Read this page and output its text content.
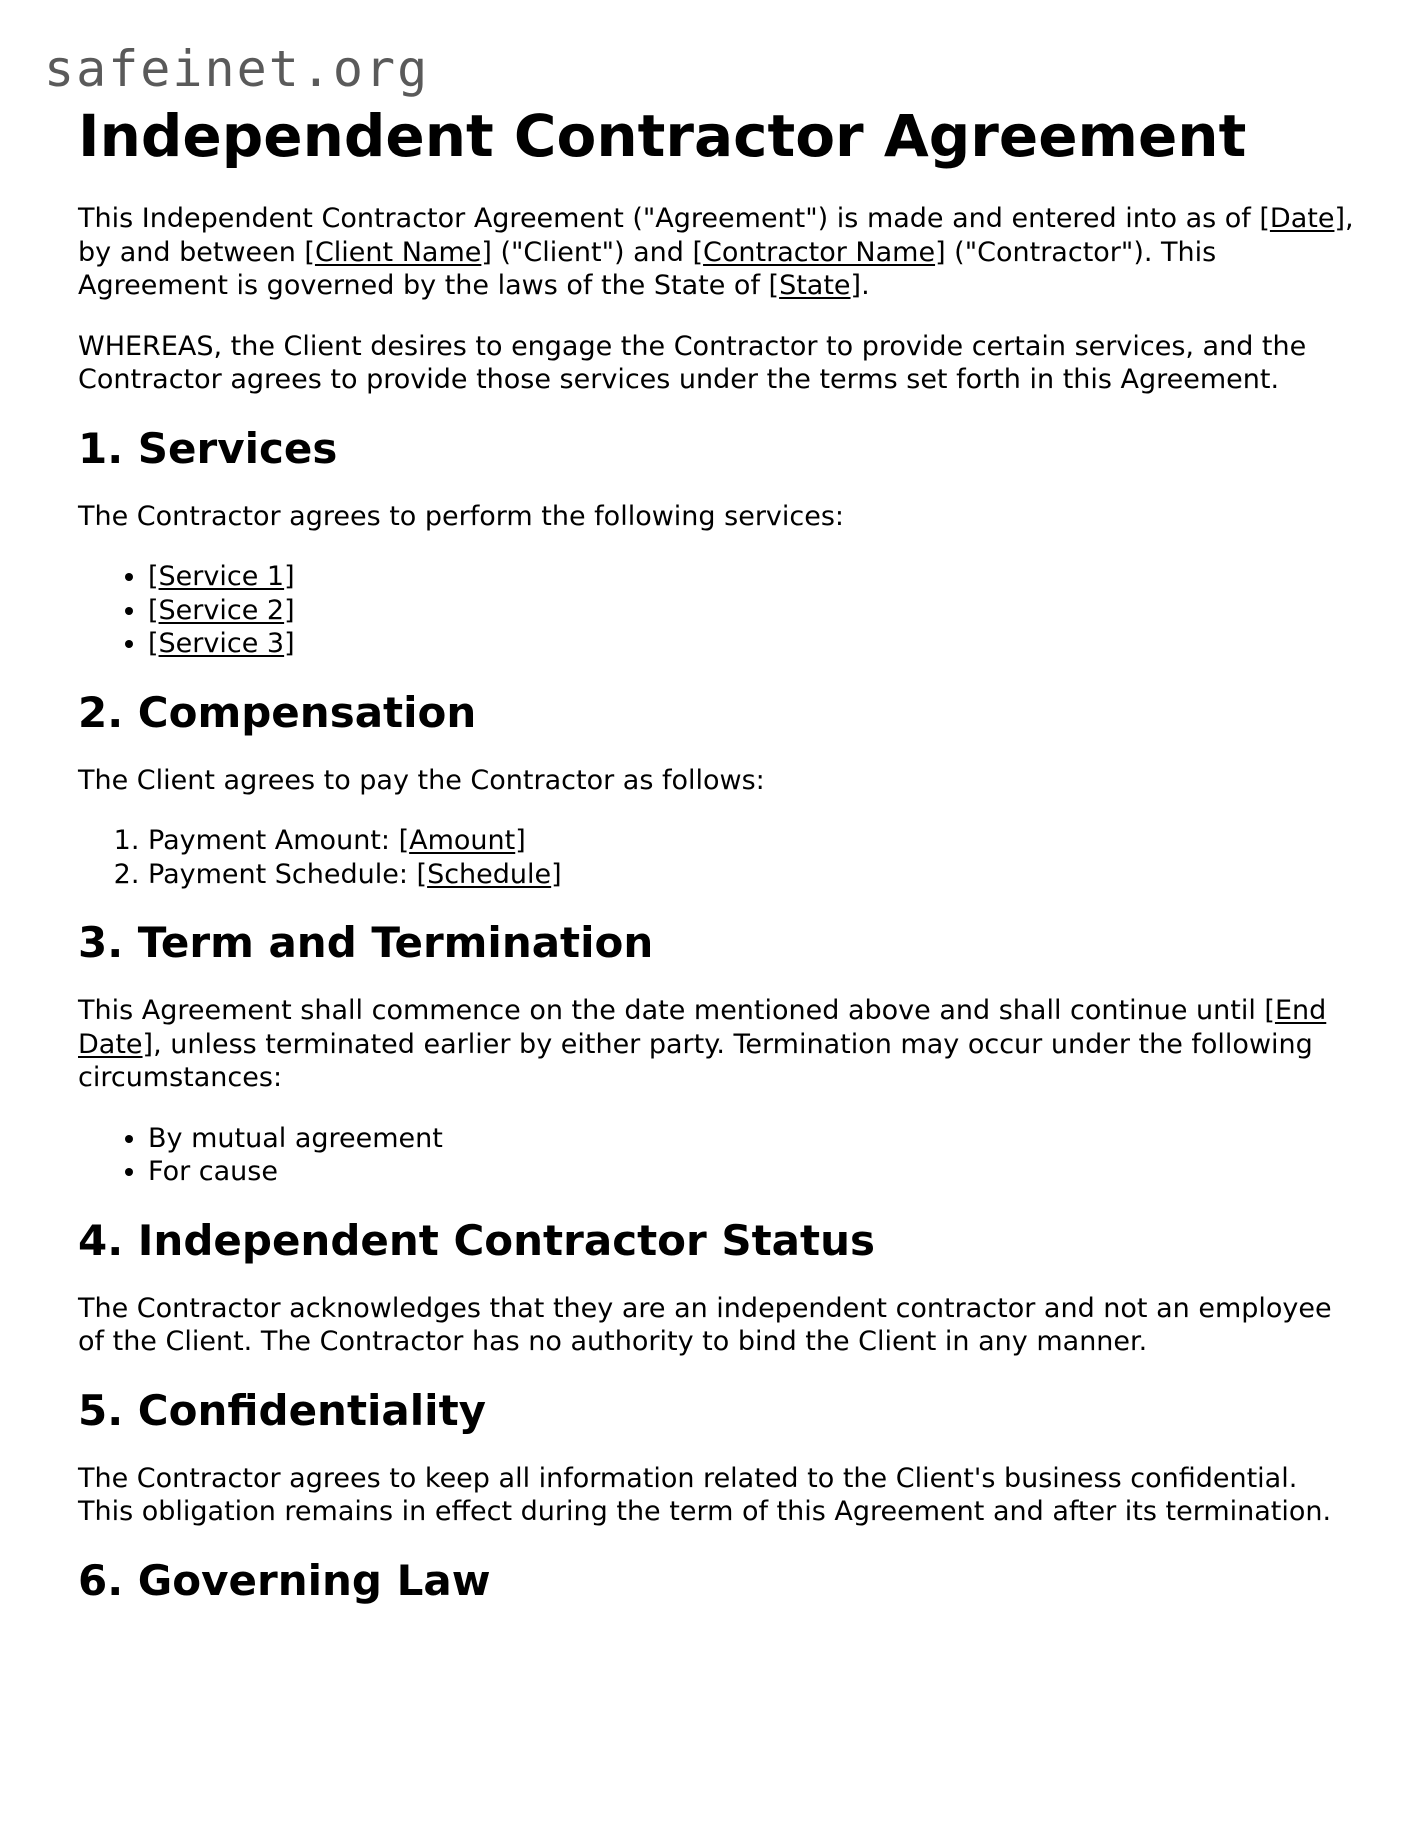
safeinet.org
Independent Contractor Agreement

This Independent Contractor Agreement ("Agreement") is made and entered into as of [Date], by and between [Client Name] ("Client") and [Contractor Name] ("Contractor"). This Agreement is governed by the laws of the State of [State].

WHEREAS, the Client desires to engage the Contractor to provide certain services, and the Contractor agrees to provide those services under the terms set forth in this Agreement.

1. Services

The Contractor agrees to perform the following services:

• [Service 1]
• [Service 2]
• [Service 3]
2. Compensation

The Client agrees to pay the Contractor as follows:

1. Payment Amount: [Amount]
2. Payment Schedule: [Schedule]
3. Term and Termination

This Agreement shall commence on the date mentioned above and shall continue until [End Date], unless terminated earlier by either party. Termination may occur under the following circumstances:

• By mutual agreement
• For cause
4. Independent Contractor Status

The Contractor acknowledges that they are an independent contractor and not an employee of the Client. The Contractor has no authority to bind the Client in any manner.

5. Confidentiality

The Contractor agrees to keep all information related to the Client's business confidential. This obligation remains in effect during the term of this Agreement and after its termination.

6. Governing Law
